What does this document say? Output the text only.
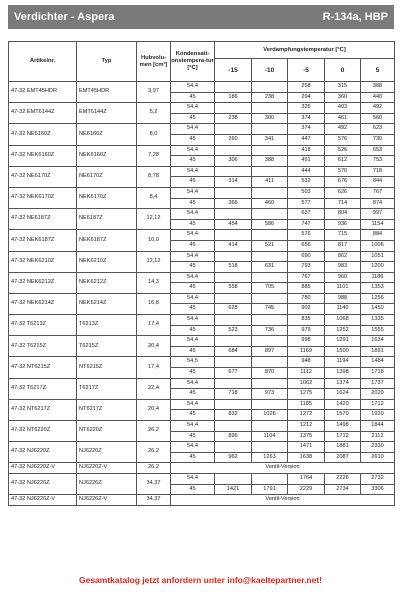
Verdichter - Aspera	R-134a, HBP
Artikelnr.	Typ	Hubvolu-men [cm³]	Kondensati-onstempera-tur [°C]	Verdampfungstemperatur [°C]				
				-15	-10	-5	0	5
47-32 EMT45HDR	EMT45HDR	3,97	54,4			258	315	388
			45	186	238	294	360	440
47-32 EMT6144Z	EMT6144Z	5,2	54,4			326	403	492
			45	238	300	374	461	560
47-32 NE6160Z	NE6160Z	8,0	54,4			374	492	623
			45	260	341	447	576	730
47-32 NEK6160Z	NEK6160Z	7,28	54,4			418	526	653
			45	306	388	491	612	753
47-32 NE6170Z	NE6170Z	8,78	54,4			444	570	718
			45	314	411	532	676	844
47-32 NEK6170Z	NEK6170Z	8,4	54,4			503	626	767
			45	366	460	577	714	874
47-32 NE6187Z	NE6187Z	12,12	54,4			637	804	997
			45	454	586	747	936	1154
47-32 NEK6187Z	NEK6187Z	10,0	54,4			576	715	884
			45	414	521	656	817	1006
47-32 NEK6210Z	NEK6210Z	12,12	54,4			690	862	1051
			45	518	631	793	983	1200
47-32 NEK6212Z	NEK6212Z	14,3	54,4			767	960	1186
			45	558	705	885	1101	1353
47-32 NEK6214Z	NEK6214Z	16,8	54,4			780	988	1256
			45	628	745	902	1140	1450
47-32 T6213Z	T6213Z	17,4	54,4			835	1068	1335
			45	523	736	979	1252	1555
47-32 T6215Z	T6215Z	20,4	54,4			998	1291	1634
			45	684	897	1169	1500	1891
47-32 NT6215Z	NT6215Z	17,4	54,5			948	1194	1484
			45	677	870	1112	1398	1718
47-32 T6217Z	T6217Z	22,4	54,4			1062	1374	1737
			45	718	973	1275	1624	2020
47-32 NT6217Z	NT6217Z	20,4	54,4			1185	1420	1712
			45	832	1026	1272	1570	1920
47-32 NT6220Z	NT6220Z	26,2	54,4			1212	1498	1844
			45	896	1104	1375	1712	2112
47-32 NJ6220Z	NJ6220Z	26,2	54,4			1471	1881	2330
			45	962	1263	1638	2087	2610
47-32 NJ6220Z-V	NJ6220Z-V	26,2	Ventil-Version					
47-32 NJ6226Z	NJ6226Z	34,37	54,4			1764	2226	2732
			45	1421	1791	2229	2734	3306
47-32 NJ6226Z-V	NJ6226Z-V	34,37	Ventil-Version					
Gesamtkatalog jetzt anfordern unter info@kaeltepartner.net!
